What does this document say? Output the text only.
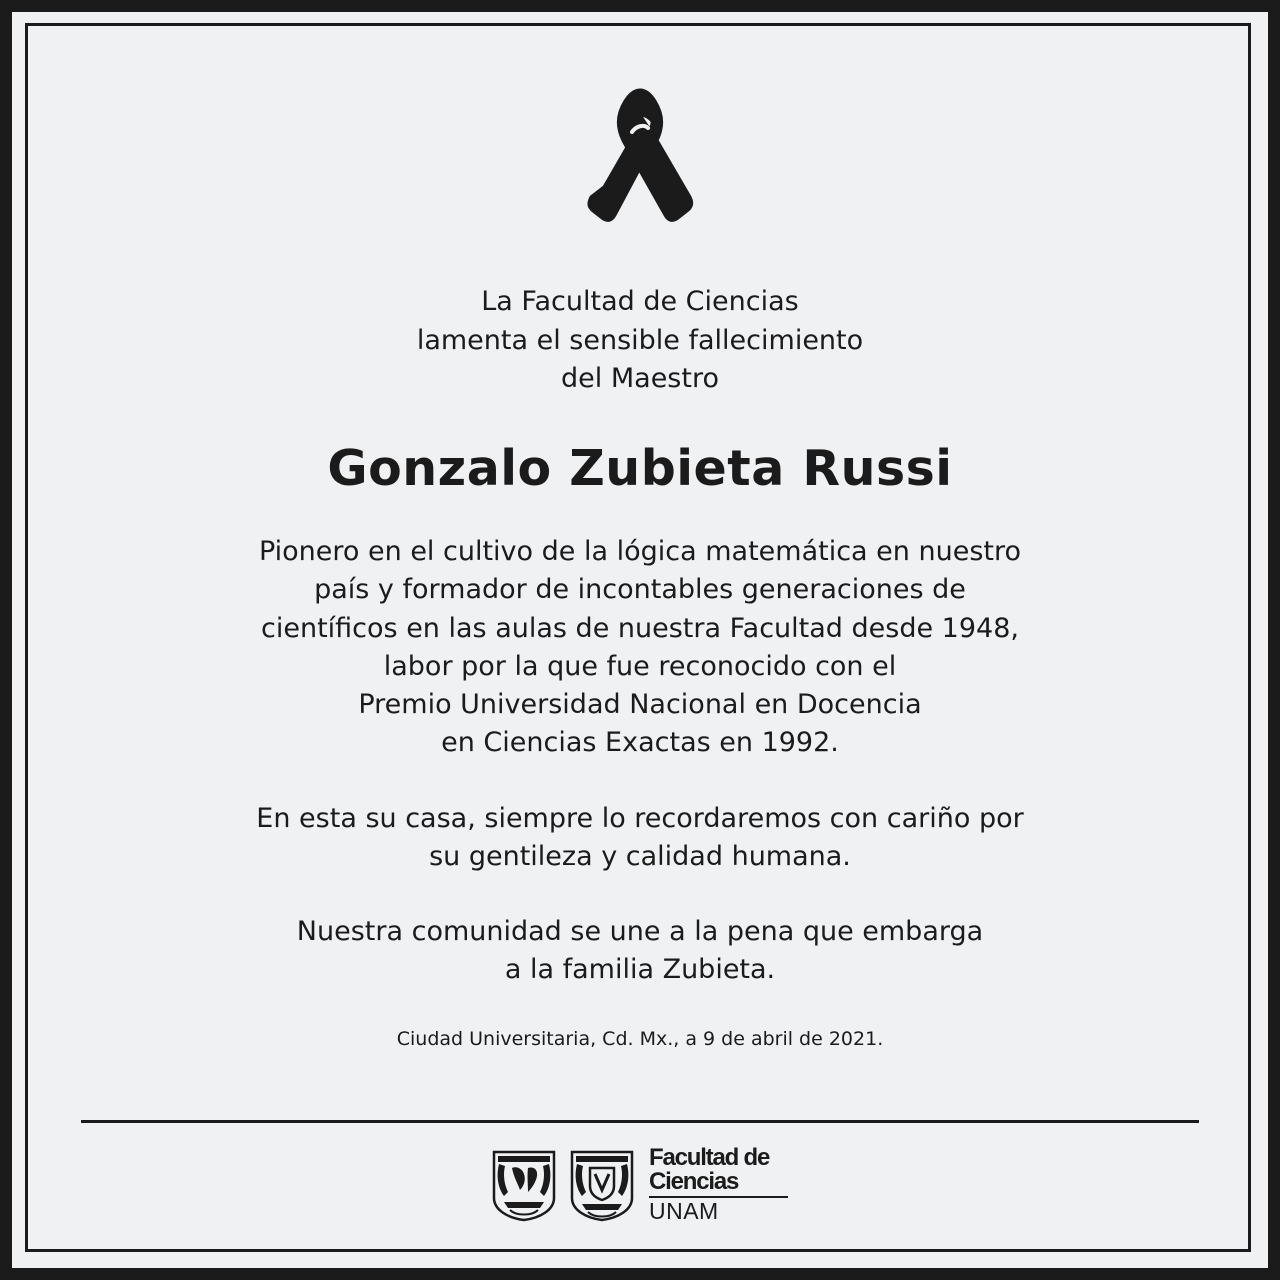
La Facultad de Ciencias
lamenta el sensible fallecimiento
del Maestro
Gonzalo Zubieta Russi
Pionero en el cultivo de la lógica matemática en nuestro
país y formador de incontables generaciones de
científicos en las aulas de nuestra Facultad desde 1948,
labor por la que fue reconocido con el
Premio Universidad Nacional en Docencia
en Ciencias Exactas en 1992.
En esta su casa, siempre lo recordaremos con cariño por
su gentileza y calidad humana.
Nuestra comunidad se une a la pena que embarga
a la familia Zubieta.
Ciudad Universitaria, Cd. Mx., a 9 de abril de 2021.
Facultad de
Ciencias
UNAM
